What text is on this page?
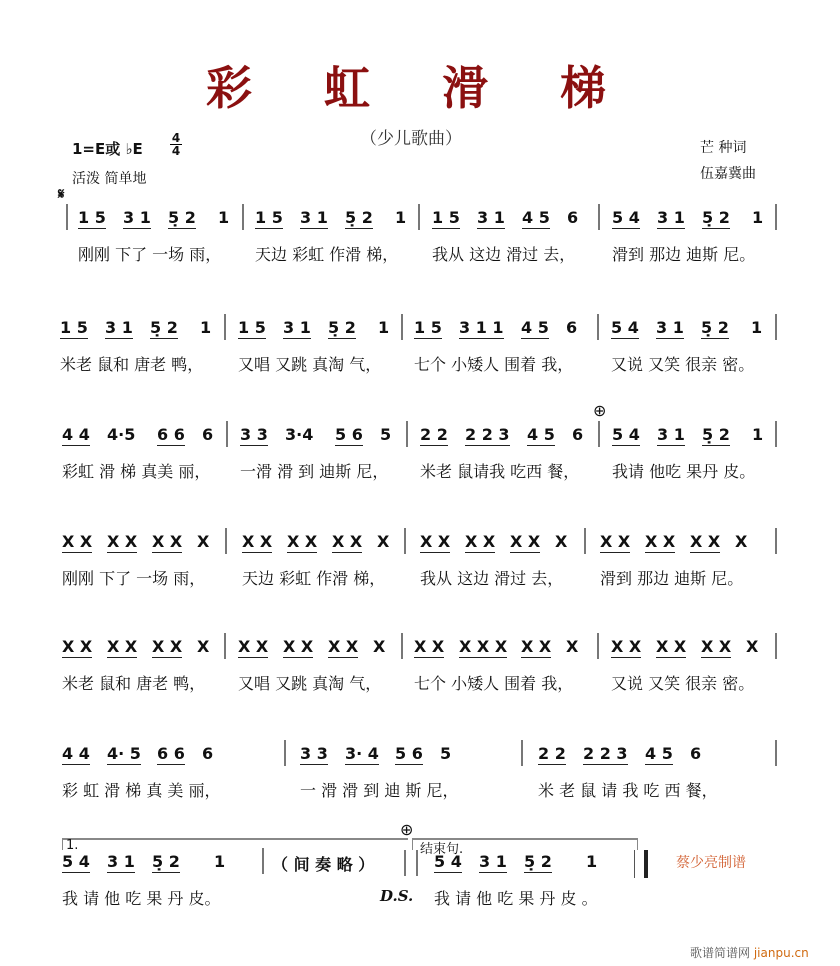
彩 虹 滑 梯
（少儿歌曲）
1=E或 ♭E
4
4
活泼 简单地
𝄋
芒 种词
伍嘉冀曲
1 5 3 1 5̣ 2 1
刚刚 下了 一场 雨，
1 5 3 1 5̣ 2 1
天边 彩虹 作滑 梯，
1 5 3 1 4 5 6
我从 这边 滑过 去，
5 4 3 1 5̣ 2 1
滑到 那边 迪斯 尼。
1 5 3 1 5̣ 2 1
米老 鼠和 唐老 鸭，
1 5 3 1 5̣ 2 1
又唱 又跳 真淘 气，
1 5 3 1 1 4 5 6
七个 小矮人 围着 我，
5 4 3 1 5̣ 2 1
又说 又笑 很亲 密。
4 4 4·5 6 6 6
彩虹 滑 梯 真美 丽，
3 3 3·4 5 6 5
一滑 滑 到 迪斯 尼，
2 2 2 2 3 4 5 6
米老 鼠请我 吃西 餐，
5 4 3 1 5̣ 2 1
我请 他吃 果丹 皮。
⊕
X X X X X X X
刚刚 下了 一场 雨，
X X X X X X X
天边 彩虹 作滑 梯，
X X X X X X X
我从 这边 滑过 去，
X X X X X X X
滑到 那边 迪斯 尼。
X X X X X X X
米老 鼠和 唐老 鸭，
X X X X X X X
又唱 又跳 真淘 气，
X X X X X X X X
七个 小矮人 围着 我，
X X X X X X X
又说 又笑 很亲 密。
4 4 4· 5 6 6 6
彩 虹 滑 梯 真 美 丽，
3 3 3· 4 5 6 5
一 滑 滑 到 迪 斯 尼，
2 2 2 2 3 4 5 6
米 老 鼠 请 我 吃 西 餐，
5 4 3 1 5̣ 2 1
我 请 他 吃 果 丹 皮。
（ 间 奏 略 ）	5 4 3 1 5̣ 2 1
我 请 他 吃 果 丹 皮 。
1.
⊕
结束句.
D.S.
蔡少亮制谱
歌谱简谱网 jianpu.cn
